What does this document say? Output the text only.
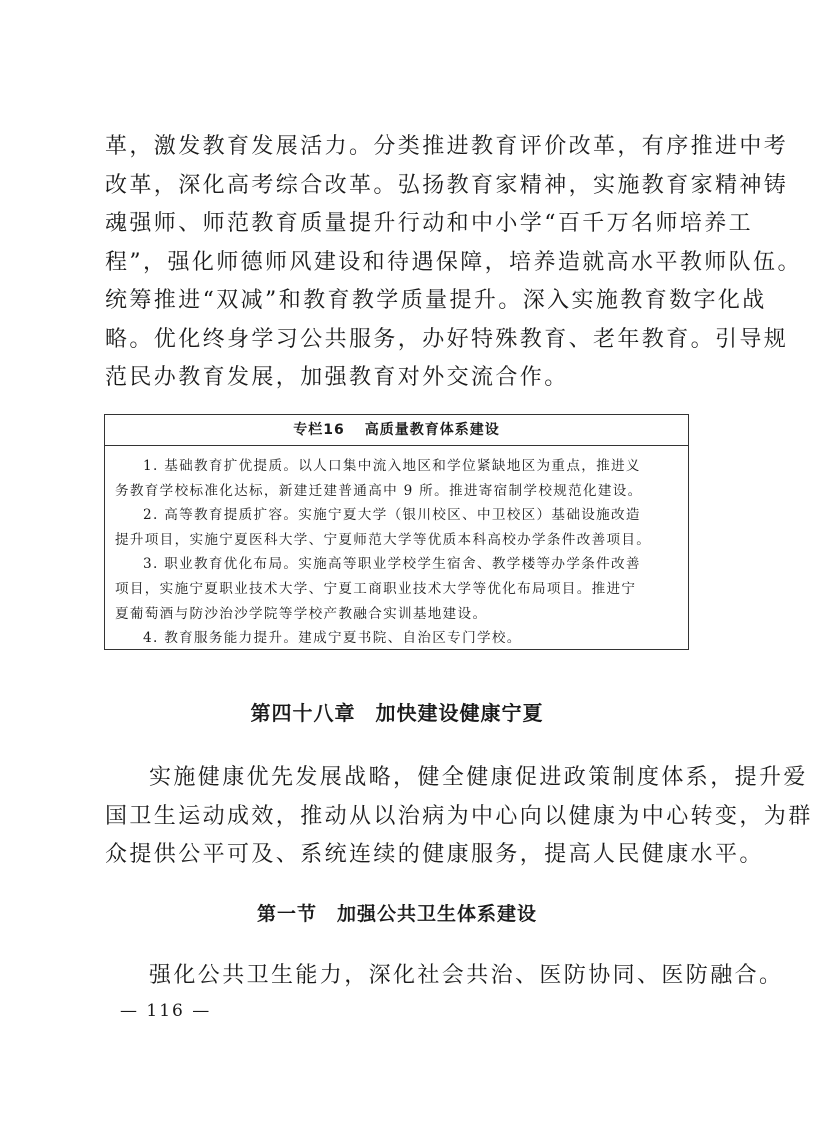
革，激发教育发展活力。分类推进教育评价改革，有序推进中考
改革，深化高考综合改革。弘扬教育家精神，实施教育家精神铸
魂强师、师范教育质量提升行动和中小学“百千万名师培养工
程”，强化师德师风建设和待遇保障，培养造就高水平教师队伍。
统筹推进“双减”和教育教学质量提升。深入实施教育数字化战
略。优化终身学习公共服务，办好特殊教育、老年教育。引导规
范民办教育发展，加强教育对外交流合作。
专栏16 高质量教育体系建设
1. 基础教育扩优提质。以人口集中流入地区和学位紧缺地区为重点，推进义
务教育学校标准化达标，新建迁建普通高中 9 所。推进寄宿制学校规范化建设。
2. 高等教育提质扩容。实施宁夏大学（银川校区、中卫校区）基础设施改造
提升项目，实施宁夏医科大学、宁夏师范大学等优质本科高校办学条件改善项目。
3. 职业教育优化布局。实施高等职业学校学生宿舍、教学楼等办学条件改善
项目，实施宁夏职业技术大学、宁夏工商职业技术大学等优化布局项目。推进宁
夏葡萄酒与防沙治沙学院等学校产教融合实训基地建设。
4. 教育服务能力提升。建成宁夏书院、自治区专门学校。
第四十八章 加快建设健康宁夏
实施健康优先发展战略，健全健康促进政策制度体系，提升爱
国卫生运动成效，推动从以治病为中心向以健康为中心转变，为群
众提供公平可及、系统连续的健康服务，提高人民健康水平。
第一节 加强公共卫生体系建设
强化公共卫生能力，深化社会共治、医防协同、医防融合。
— 116 —
